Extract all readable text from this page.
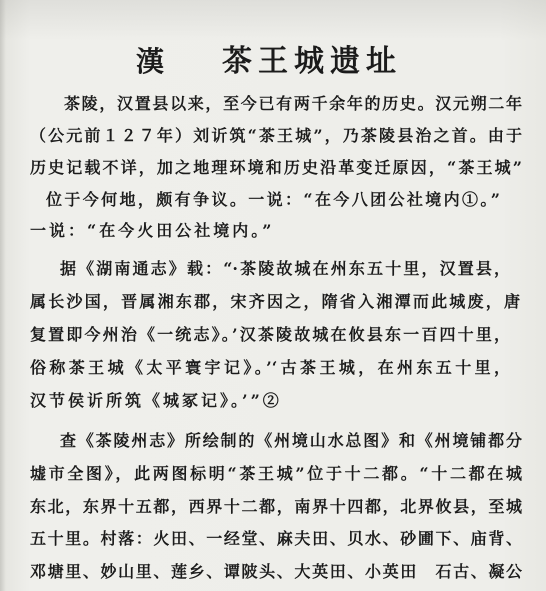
漢 茶王城遗址
茶陵，汉置县以来，至今已有两千余年的历史。汉元朔二年
（公元前１２７年）刘䜣筑“茶王城”，乃茶陵县治之首。由于
历史记载不详，加之地理环境和历史沿革变迁原因，“茶王城”
位于今何地，颇有争议。一说：“在今八团公社境内①。”
一说：“在今火田公社境内。”
据《湖南通志》载：“·茶陵故城在州东五十里，汉置县，
属长沙国，晋属湘东郡，宋齐因之，隋省入湘潭而此城废，唐
复置即今州治《一统志》。’汉茶陵故城在攸县东一百四十里，
俗称茶王城《太平寰宇记》。’‘古茶王城，在州东五十里，
汉节侯䜣所筑《城冢记》。’”②
查《茶陵州志》所绘制的《州境山水总图》和《州境铺都分
墟市全图》，此两图标明“茶王城”位于十二都。“十二都在城
东北，东界十五都，西界十二都，南界十四都，北界攸县，至城
五十里。村落：火田、一经堂、麻夫田、贝水、砂圃下、庙背、
邓塘里、妙山里、莲乡、谭陂头、大英田、小英田　石古、凝公
